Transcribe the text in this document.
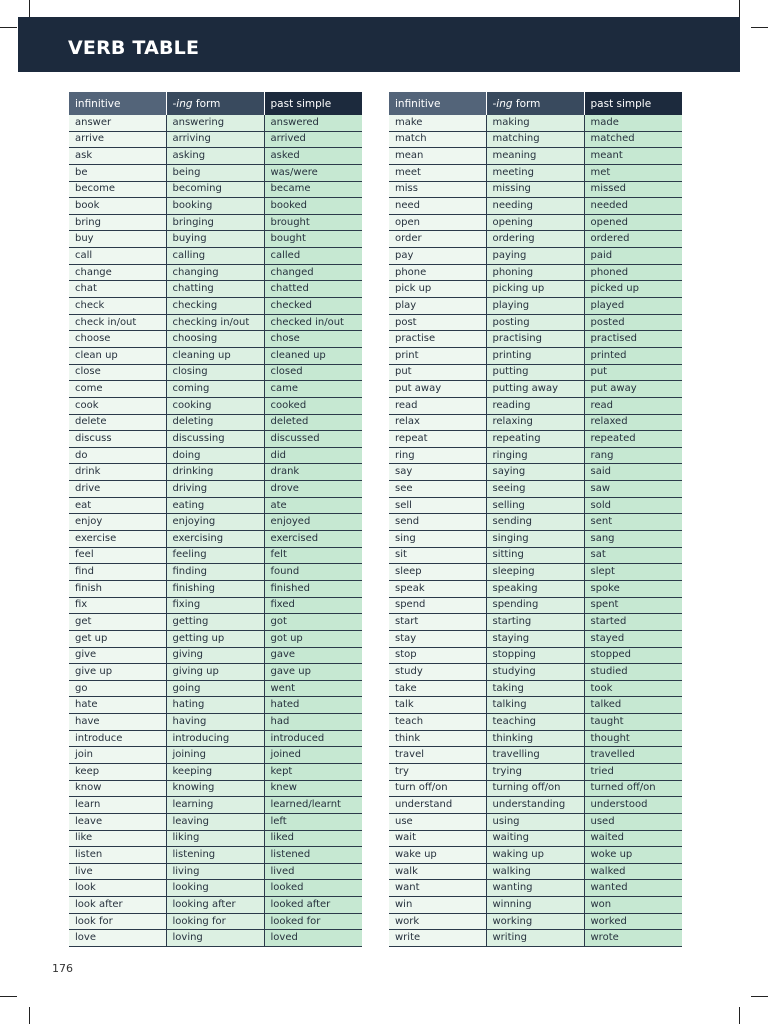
VERB TABLE
infinitive	-ing form	past simple
answer	answering	answered
arrive	arriving	arrived
ask	asking	asked
be	being	was/were
become	becoming	became
book	booking	booked
bring	bringing	brought
buy	buying	bought
call	calling	called
change	changing	changed
chat	chatting	chatted
check	checking	checked
check in/out	checking in/out	checked in/out
choose	choosing	chose
clean up	cleaning up	cleaned up
close	closing	closed
come	coming	came
cook	cooking	cooked
delete	deleting	deleted
discuss	discussing	discussed
do	doing	did
drink	drinking	drank
drive	driving	drove
eat	eating	ate
enjoy	enjoying	enjoyed
exercise	exercising	exercised
feel	feeling	felt
find	finding	found
finish	finishing	finished
fix	fixing	fixed
get	getting	got
get up	getting up	got up
give	giving	gave
give up	giving up	gave up
go	going	went
hate	hating	hated
have	having	had
introduce	introducing	introduced
join	joining	joined
keep	keeping	kept
know	knowing	knew
learn	learning	learned/learnt
leave	leaving	left
like	liking	liked
listen	listening	listened
live	living	lived
look	looking	looked
look after	looking after	looked after
look for	looking for	looked for
love	loving	loved
infinitive	-ing form	past simple
make	making	made
match	matching	matched
mean	meaning	meant
meet	meeting	met
miss	missing	missed
need	needing	needed
open	opening	opened
order	ordering	ordered
pay	paying	paid
phone	phoning	phoned
pick up	picking up	picked up
play	playing	played
post	posting	posted
practise	practising	practised
print	printing	printed
put	putting	put
put away	putting away	put away
read	reading	read
relax	relaxing	relaxed
repeat	repeating	repeated
ring	ringing	rang
say	saying	said
see	seeing	saw
sell	selling	sold
send	sending	sent
sing	singing	sang
sit	sitting	sat
sleep	sleeping	slept
speak	speaking	spoke
spend	spending	spent
start	starting	started
stay	staying	stayed
stop	stopping	stopped
study	studying	studied
take	taking	took
talk	talking	talked
teach	teaching	taught
think	thinking	thought
travel	travelling	travelled
try	trying	tried
turn off/on	turning off/on	turned off/on
understand	understanding	understood
use	using	used
wait	waiting	waited
wake up	waking up	woke up
walk	walking	walked
want	wanting	wanted
win	winning	won
work	working	worked
write	writing	wrote
176
